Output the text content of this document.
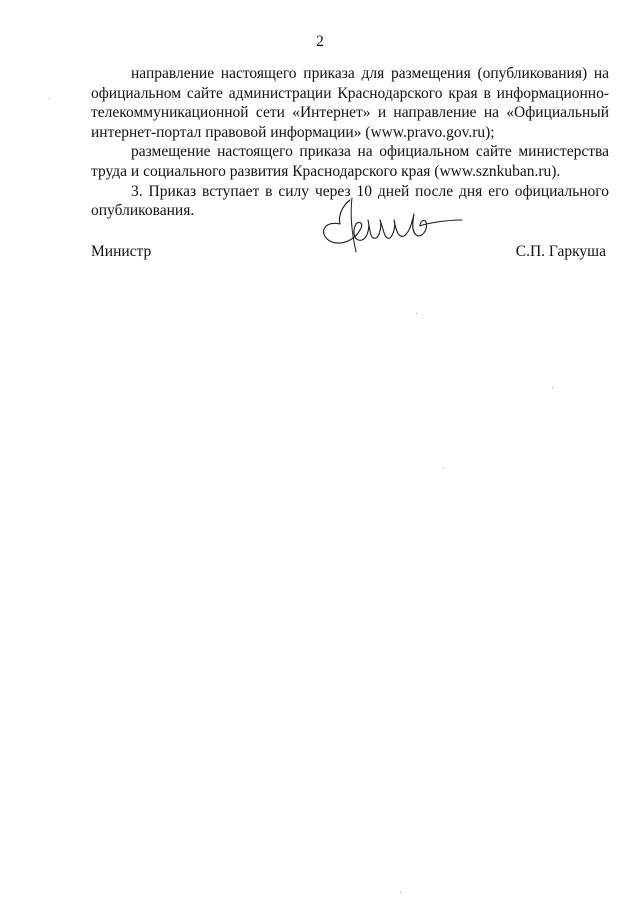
2

направление настоящего приказа для размещения (опубликования) на официальном сайте администрации Краснодарского края в информационно-телекоммуникационной сети «Интернет» и направление на «Официальный интернет-портал правовой информации» (www.pravo.gov.ru);

размещение настоящего приказа на официальном сайте министерства труда и социального развития Краснодарского края (www.sznkuban.ru).

3. Приказ вступает в силу через 10 дней после дня его официального опубликования.

Министр	С.П. Гаркуша
